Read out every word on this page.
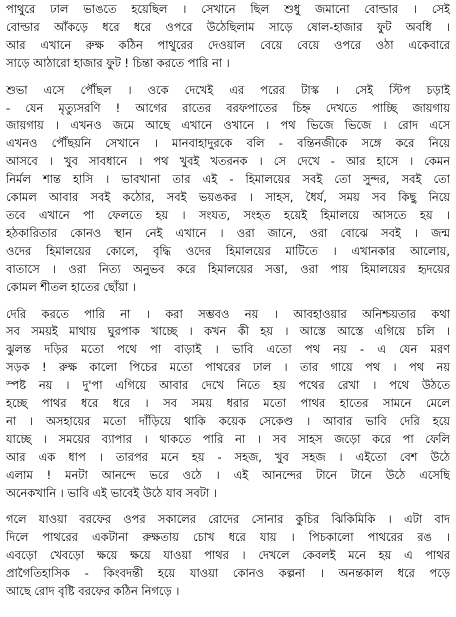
পাথুরে ঢাল ভাঙতে হয়েছিল । সেখানে ছিল শুধু জমানো বোল্ডার । সেই
বোল্ডার আঁকড়ে ধরে ধরে ওপরে উঠেছিলাম সাড়ে ষোল-হাজার ফুট অবধি ।
আর এখানে রুক্ষ কঠিন পাথুরের দেওয়াল বেয়ে বেয়ে ওপরে ওঠা একেবারে
সাড়ে আঠারো হাজার ফুট ! চিন্তা করতে পারি না ।

শুভা এসে পৌঁছল । ওকে দেখেই এর পরের টাস্ক । সেই স্টিপ চড়াই
- যেন মৃত্যুসরণি ! আগের রাতের বরফপাতের চিহ্ন দেখতে পাচ্ছি জায়গায়
জায়গায় । এখনও জমে আছে এখানে ওখানে । পথ ভিজে ভিজে । রোদ এসে
এখনও পৌঁছয়নি সেখানে । মানবাহাদুরকে বলি - বন্তিনজীকে সঙ্গে করে নিয়ে
আসবে । খুব সাবধানে । পথ খুবই খতরনক । সে দেখে - আর হাসে । কেমন
নির্মল শান্ত হাসি । ভাবখানা তার এই - হিমালয়ের সবই তো সুন্দর, সবই তো
কোমল আবার সবই কঠোর, সবই ভয়ঙকর । সাহস, ধৈর্য, সময় সব কিছু নিয়ে
তবে এখানে পা ফেলতে হয় । সংযত, সংহত হয়েই হিমালয়ে আসতে হয় ।
হঠকারিতার কোনও স্থান নেই এখানে । ওরা জানে, ওরা বোঝে সবই । জন্ম
ওদের হিমালয়ের কোলে, বৃদ্ধি ওদের হিমালয়ের মাটিতে । এখানকার আলোয়,
বাতাসে । ওরা নিত্য অনুভব করে হিমালয়ের সত্তা, ওরা পায় হিমালয়ের হৃদয়ের
কোমল শীতল হাতের ছোঁয়া ।

দেরি করতে পারি না । করা সম্ভবও নয় । আবহাওয়ার অনিশ্চয়তার কথা
সব সময়ই মাথায় ঘুরপাক খাচ্ছে । কখন কী হয় । আস্তে আস্তে এগিয়ে চলি ।
ঝুলন্ত দড়ির মতো পথে পা বাড়াই । ভাবি এতো পথ নয় - এ যেন মরণ
সড়ক ! রুক্ষ কালো পিচের মতো পাথরের ঢাল । তার গায়ে পথ । পথ নয়
স্পষ্ট নয় । দু'পা এগিয়ে আবার দেখে নিতে হয় পথের রেখা । পথে উঠতে
হচ্ছে পাথর ধরে ধরে । সব সময় ধরার মতো পাথর হাতের সামনে মেলে
না । অসহায়ের মতো দাঁড়িয়ে থাকি কয়েক সেকেণ্ড । আবার ভাবি দেরি হয়ে
যাচ্ছে । সময়ের ব্যাপার । থাকতে পারি না । সব সাহস জড়ো করে পা ফেলি
আর এক ধাপ । তারপর মনে হয় - সহজ, খুব সহজ । এইতো বেশ উঠে
এলাম ! মনটা আনন্দে ভরে ওঠে । এই আনন্দের টানে টানে উঠে এসেছি
অনেকখানি । ভাবি এই ভাবেই উঠে যাব সবটা ।

গলে যাওয়া বরফের ওপর সকালের রোদের সোনার কুচির ঝিকিমিকি । এটা বাদ
দিলে পাথরের একটানা রুক্ষতায় চোখ ধরে যায় । পিচকালো পাথরের রঙ ।
এবড়ো খেবড়ো ক্ষয়ে ক্ষয়ে যাওয়া পাথর । দেখলে কেবলই মনে হয় এ পাথর
প্রাগৈতিহাসিক - কিংবদন্তী হয়ে যাওয়া কোনও কল্পনা । অনন্তকাল ধরে পড়ে
আছে রোদ বৃষ্টি বরফের কঠিন নিগড়ে ।
